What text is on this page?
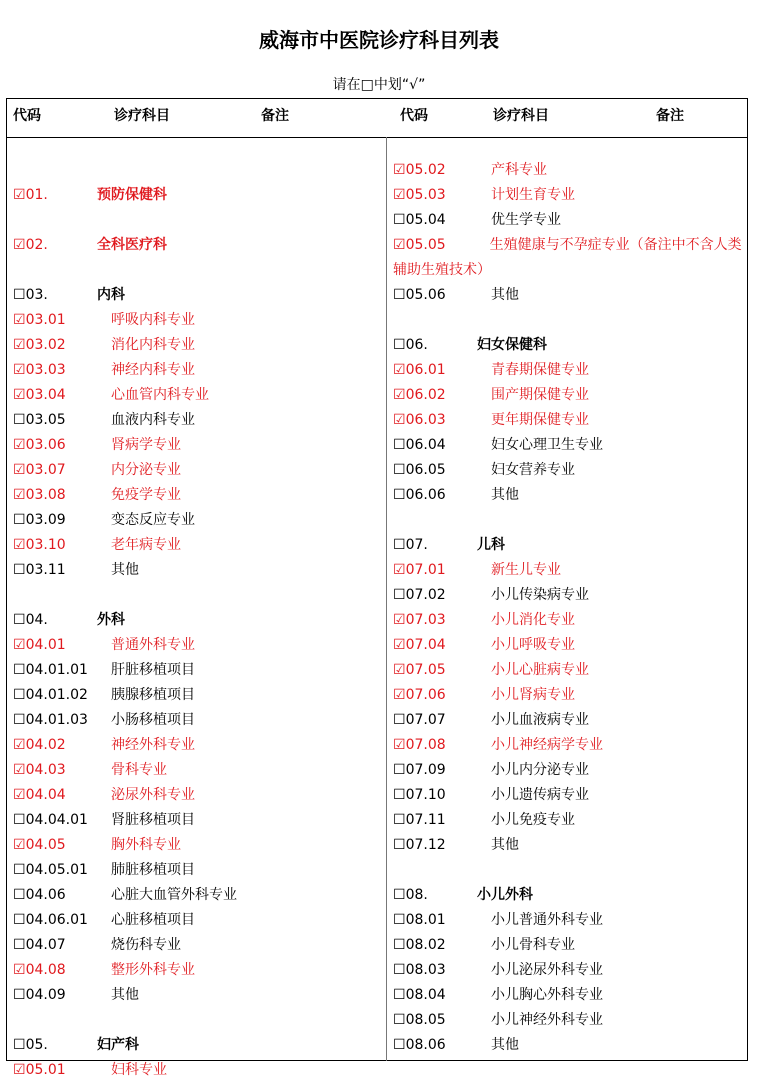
威海市中医院诊疗科目列表
请在□中划“√”
代码	诊疗科目	备注	代码	诊疗科目	备注
☑01.	预防保健科
☑02.	全科医疗科
☐03.	内科
☑03.01	呼吸内科专业
☑03.02	消化内科专业
☑03.03	神经内科专业
☑03.04	心血管内科专业
☐03.05	血液内科专业
☑03.06	肾病学专业
☑03.07	内分泌专业
☑03.08	免疫学专业
☐03.09	变态反应专业
☑03.10	老年病专业
☐03.11	其他
☐04.	外科
☑04.01	普通外科专业
☐04.01.01 肝脏移植项目
☐04.01.02 胰腺移植项目
☐04.01.03 小肠移植项目
☑04.02	神经外科专业
☑04.03	骨科专业
☑04.04	泌尿外科专业
☐04.04.01 肾脏移植项目
☑04.05	胸外科专业
☐04.05.01 肺脏移植项目
☐04.06	心脏大血管外科专业
☐04.06.01 心脏移植项目
☐04.07	烧伤科专业
☑04.08	整形外科专业
☐04.09	其他
☐05.	妇产科
☑05.01	妇科专业
☑05.02	产科专业
☑05.03	计划生育专业
☐05.04	优生学专业
☑05.05	生殖健康与不孕症专业（备注中不含人类辅助生殖技术）
☐05.06	其他
☐06.	妇女保健科
☑06.01	青春期保健专业
☑06.02	围产期保健专业
☑06.03	更年期保健专业
☐06.04	妇女心理卫生专业
☐06.05	妇女营养专业
☐06.06	其他
☐07.	儿科
☑07.01	新生儿专业
☐07.02	小儿传染病专业
☑07.03	小儿消化专业
☑07.04	小儿呼吸专业
☑07.05	小儿心脏病专业
☑07.06	小儿肾病专业
☐07.07	小儿血液病专业
☑07.08	小儿神经病学专业
☐07.09	小儿内分泌专业
☐07.10	小儿遗传病专业
☐07.11	小儿免疫专业
☐07.12	其他
☐08.	小儿外科
☐08.01	小儿普通外科专业
☐08.02	小儿骨科专业
☐08.03	小儿泌尿外科专业
☐08.04	小儿胸心外科专业
☐08.05	小儿神经外科专业
☐08.06	其他
